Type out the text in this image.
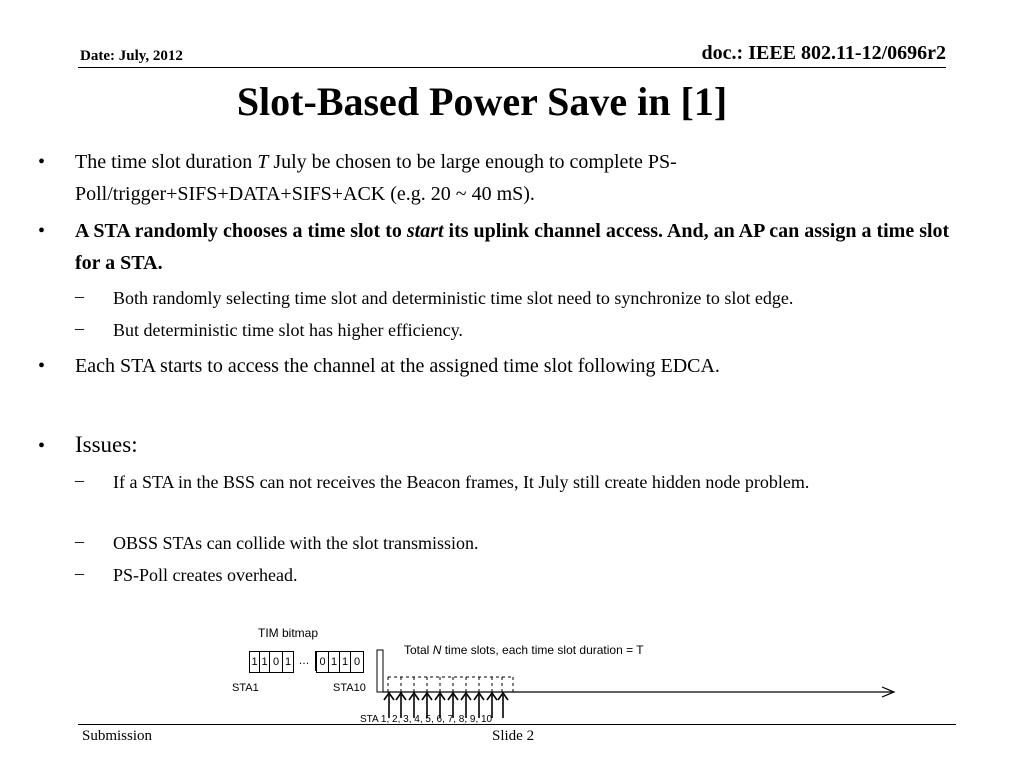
Date: July, 2012	doc.: IEEE 802.11-12/0696r2
Slot-Based Power Save in [1]
• The time slot duration T July be chosen to be large enough to complete PS-Poll/trigger+SIFS+DATA+SIFS+ACK (e.g. 20 ~ 40 mS).
• A STA randomly chooses a time slot to start its uplink channel access. And, an AP can assign a time slot for a STA.
– Both randomly selecting time slot and deterministic time slot need to synchronize to slot edge.
– But deterministic time slot has higher efficiency.
• Each STA starts to access the channel at the assigned time slot following EDCA.
• Issues:
– If a STA in the BSS can not receives the Beacon frames, It July still create hidden node problem.
– OBSS STAs can collide with the slot transmission.
– PS-Poll creates overhead.
TIM bitmap
1 1 0 1 … 0 1 1 0
STA1	STA10
Total N time slots, each time slot duration = T
STA 1, 2, 3, 4, 5, 6, 7, 8, 9, 10
Submission	Slide 2
